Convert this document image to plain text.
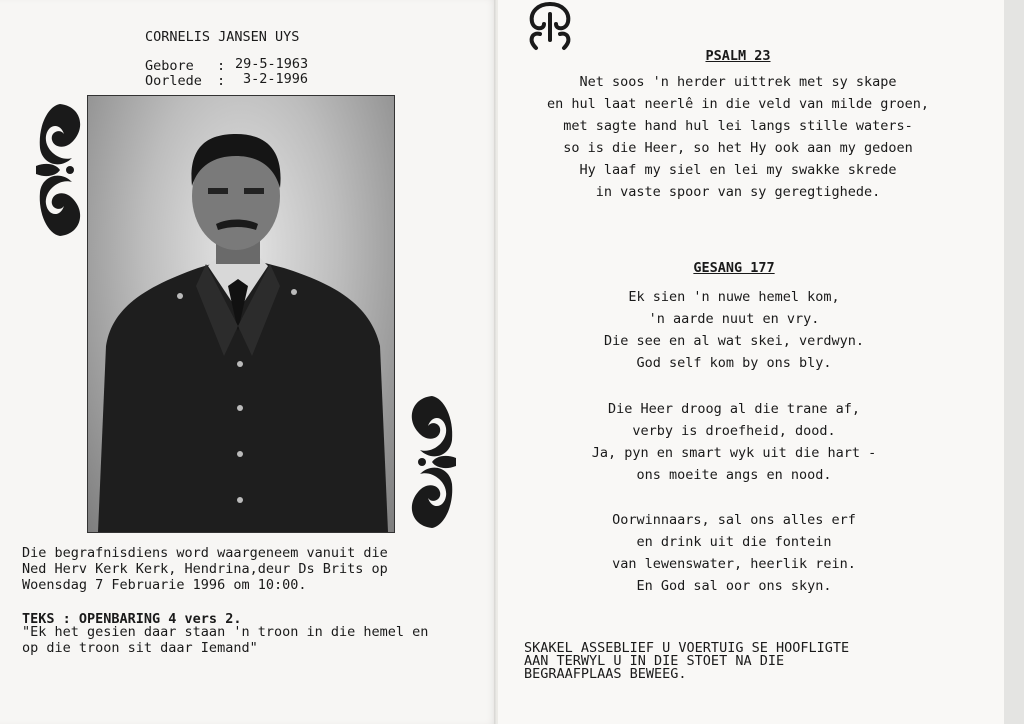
CORNELIS JANSEN UYS
Gebore : 29-5-1963
Oorlede : 3-2-1996
Die begrafnisdiens word waargeneem vanuit die
Ned Herv Kerk Kerk, Hendrina,deur Ds Brits op
Woensdag 7 Februarie 1996 om 10:00.
TEKS : OPENBARING 4 vers 2.
"Ek het gesien daar staan 'n troon in die hemel en
op die troon sit daar Iemand"
PSALM 23
Net soos 'n herder uittrek met sy skape
en hul laat neerlê in die veld van milde groen,
met sagte hand hul lei langs stille waters-
so is die Heer, so het Hy ook aan my gedoen
Hy laaf my siel en lei my swakke skrede
in vaste spoor van sy geregtighede.
GESANG 177
Ek sien 'n nuwe hemel kom,
'n aarde nuut en vry.
Die see en al wat skei, verdwyn.
God self kom by ons bly.
Die Heer droog al die trane af,
verby is droefheid, dood.
Ja, pyn en smart wyk uit die hart -
ons moeite angs en nood.
Oorwinnaars, sal ons alles erf
en drink uit die fontein
van lewenswater, heerlik rein.
En God sal oor ons skyn.
SKAKEL ASSEBLIEF U VOERTUIG SE HOOFLIGTE
AAN TERWYL U IN DIE STOET NA DIE
BEGRAAFPLAAS BEWEEG.
